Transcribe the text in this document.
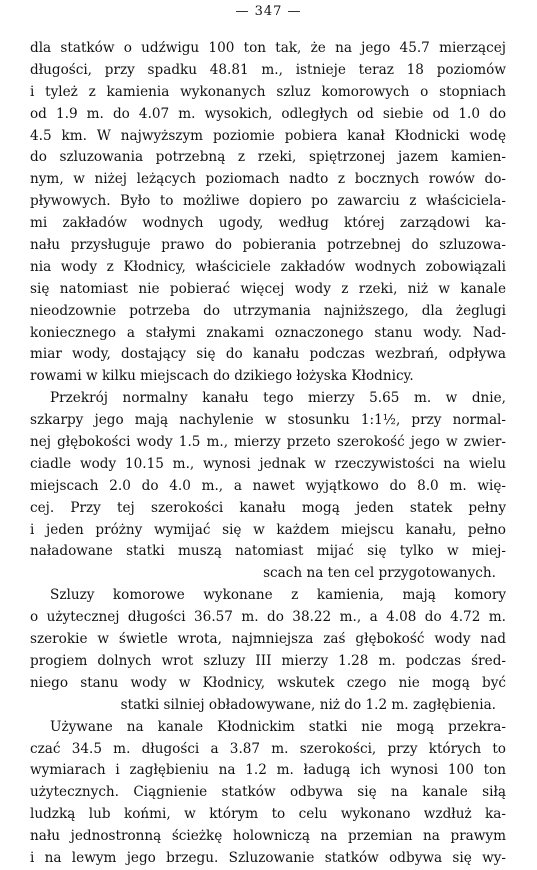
— 347 —
dla statków o udźwigu 100 ton tak, że na jego 45.7 mierzącej
długości, przy spadku 48.81 m., istnieje teraz 18 poziomów
i tyleż z kamienia wykonanych szluz komorowych o stopniach
od 1.9 m. do 4.07 m. wysokich, odległych od siebie od 1.0 do
4.5 km. W najwyższym poziomie pobiera kanał Kłodnicki wodę
do szluzowania potrzebną z rzeki, spiętrzonej jazem kamien-
nym, w niżej leżących poziomach nadto z bocznych rowów do-
pływowych. Było to możliwe dopiero po zawarciu z właściciela-
mi zakładów wodnych ugody, według której zarządowi ka-
nału przysługuje prawo do pobierania potrzebnej do szluzowa-
nia wody z Kłodnicy, właściciele zakładów wodnych zobowiązali
się natomiast nie pobierać więcej wody z rzeki, niż w kanale
nieodzownie potrzeba do utrzymania najniższego, dla żeglugi
koniecznego a stałymi znakami oznaczonego stanu wody. Nad-
miar wody, dostający się do kanału podczas wezbrań, odpływa
rowami w kilku miejscach do dzikiego łożyska Kłodnicy.
Przekrój normalny kanału tego mierzy 5.65 m. w dnie,
szkarpy jego mają nachylenie w stosunku 1:1½, przy normal-
nej głębokości wody 1.5 m., mierzy przeto szerokość jego w zwier-
ciadle wody 10.15 m., wynosi jednak w rzeczywistości na wielu
miejscach 2.0 do 4.0 m., a nawet wyjątkowo do 8.0 m. wię-
cej. Przy tej szerokości kanału mogą jeden statek pełny
i jeden próżny wymijać się w każdem miejscu kanału, pełno
naładowane statki muszą natomiast mijać się tylko w miej-
scach na ten cel przygotowanych.
Szluzy komorowe wykonane z kamienia, mają komory
o użytecznej długości 36.57 m. do 38.22 m., a 4.08 do 4.72 m.
szerokie w świetle wrota, najmniejsza zaś głębokość wody nad
progiem dolnych wrot szluzy III mierzy 1.28 m. podczas śred-
niego stanu wody w Kłodnicy, wskutek czego nie mogą być
statki silniej obładowywane, niż do 1.2 m. zagłębienia.
Używane na kanale Kłodnickim statki nie mogą przekra-
czać 34.5 m. długości a 3.87 m. szerokości, przy których to
wymiarach i zagłębieniu na 1.2 m. ładugą ich wynosi 100 ton
użytecznych. Ciągnienie statków odbywa się na kanale siłą
ludzką lub końmi, w którym to celu wykonano wzdłuż ka-
nału jednostronną ścieżkę holowniczą na przemian na prawym
i na lewym jego brzegu. Szluzowanie statków odbywa się wy-
